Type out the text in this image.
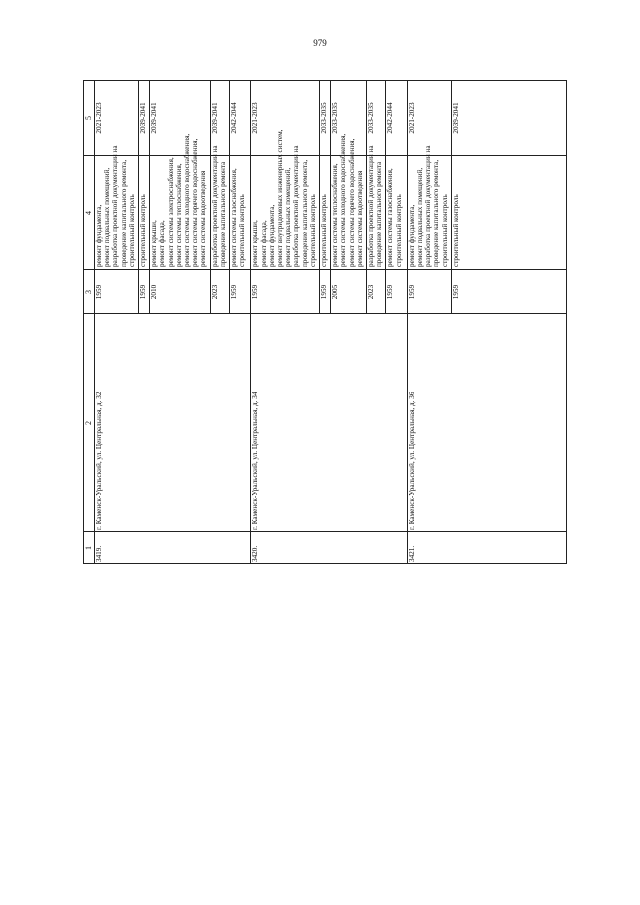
979
1
2
3
4
5
3419.
г. Каменск-Уральский, ул. Центральная, д. 32
1959
2021-2023
ремонт фундамента, ремонт подвальных помещений, разработка проектной документации на проведение капитального ремонта, строительный контроль
1959
2039-2041
строительный контроль
2010
2039-2041
ремонт крыши, ремонт фасада, ремонт системы электроснабжения, ремонт системы теплоснабжения, ремонт системы холодного водоснабжения, ремонт системы горячего водоснабжения, ремонт системы водоотведения
2023
2039-2041
разработка проектной документации на проведение капитального ремонта
1959
2042-2044
ремонт системы газоснабжения, строительный контроль
3420.
г. Каменск-Уральский, ул. Центральная, д. 34
1959
2021-2023
ремонт крыши, ремонт фасада, ремонт фундамента, ремонт внутридомовых инженерных систем, ремонт подвальных помещений, разработка проектной документации на проведение капитального ремонта, строительный контроль
1959
2033-2035
строительный контроль
2005
2033-2035
ремонт системы теплоснабжения, ремонт системы холодного водоснабжения, ремонт системы горячего водоснабжения, ремонт системы водоотведения
2023
2033-2035
разработка проектной документации на проведение капитального ремонта
1959
2042-2044
ремонт системы газоснабжения, строительный контроль
3421.
г. Каменск-Уральский, ул. Центральная, д. 36
1959
2021-2023
ремонт фундамента, ремонт подвальных помещений, разработка проектной документации на проведение капитального ремонта, строительный контроль
1959
2039-2041
строительный контроль
